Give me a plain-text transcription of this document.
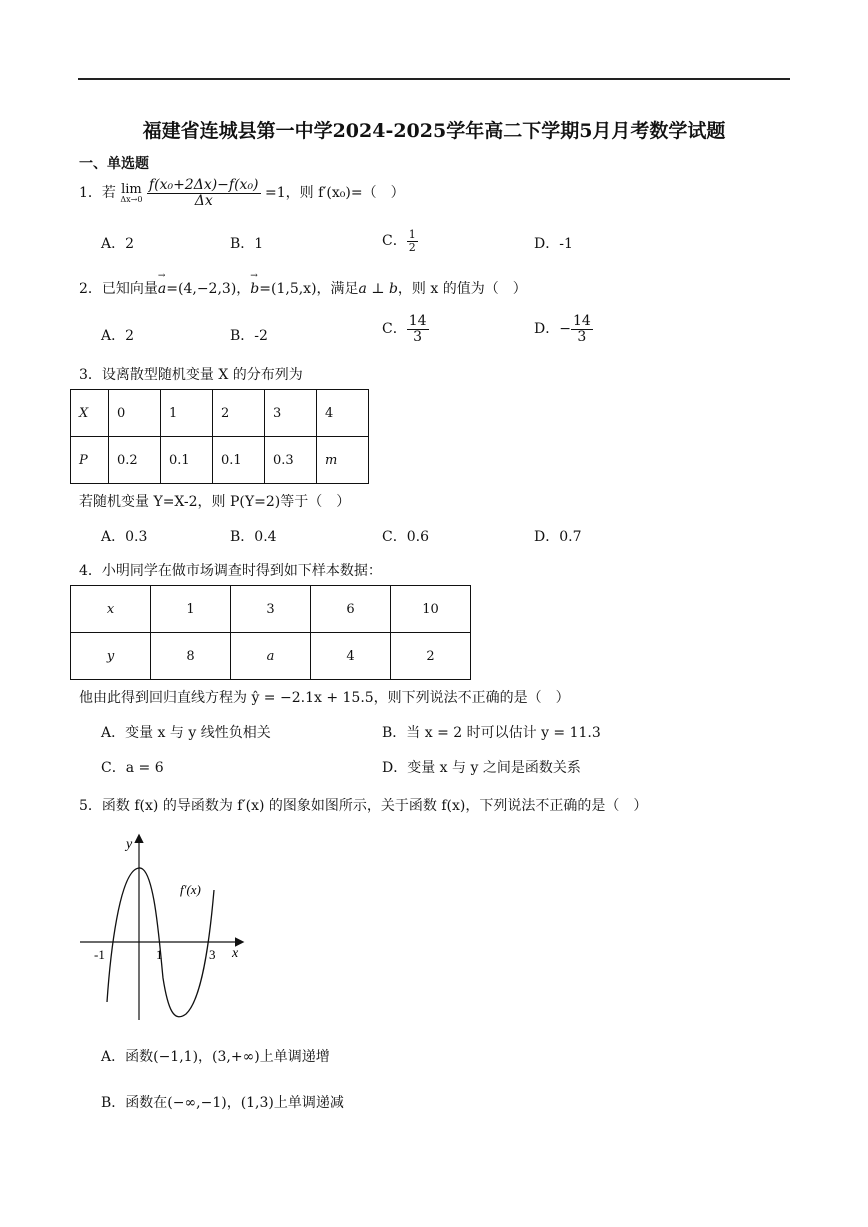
福建省连城县第一中学2024-2025学年高二下学期5月月考数学试题
一、单选题
1．若 lim
Δx→0
$\frac{\text{f(x₀+2Δx)−f(x₀)}}{\Delta x} =1$，则 f′(x₀)=（　）
A．2	B．1	C． $\frac{1}{2}$	D．-1
2．已知向量→ a=(4,−2,3)，→ b=(1,5,x)，满足a ⊥ b，则 x 的值为（　）
A．2	B．-2	C． $\frac{14}{3}$	D．− $\frac{14}{3}$
3．设离散型随机变量 X 的分布列为
X	0	1	2	3	4
P	0.2	0.1	0.1	0.3	m
若随机变量 Y=X-2，则 P(Y=2)等于（　）
A．0.3	B．0.4	C．0.6	D．0.7
4．小明同学在做市场调查时得到如下样本数据：
x	1	3	6	10
y	8	a	4	2
他由此得到回归直线方程为 ŷ = −2.1x + 15.5，则下列说法不正确的是（　）
A．变量 x 与 y 线性负相关	B．当 x = 2 时可以估计 y = 11.3
C．a = 6	D．变量 x 与 y 之间是函数关系
5．函数 f(x) 的导函数为 f′(x) 的图象如图所示，关于函数 f(x)，下列说法不正确的是（　）
y
x
f′(x)
-1	1	3
A．函数(−1,1)，(3,+∞)上单调递增
B．函数在(−∞,−1)，(1,3)上单调递减
